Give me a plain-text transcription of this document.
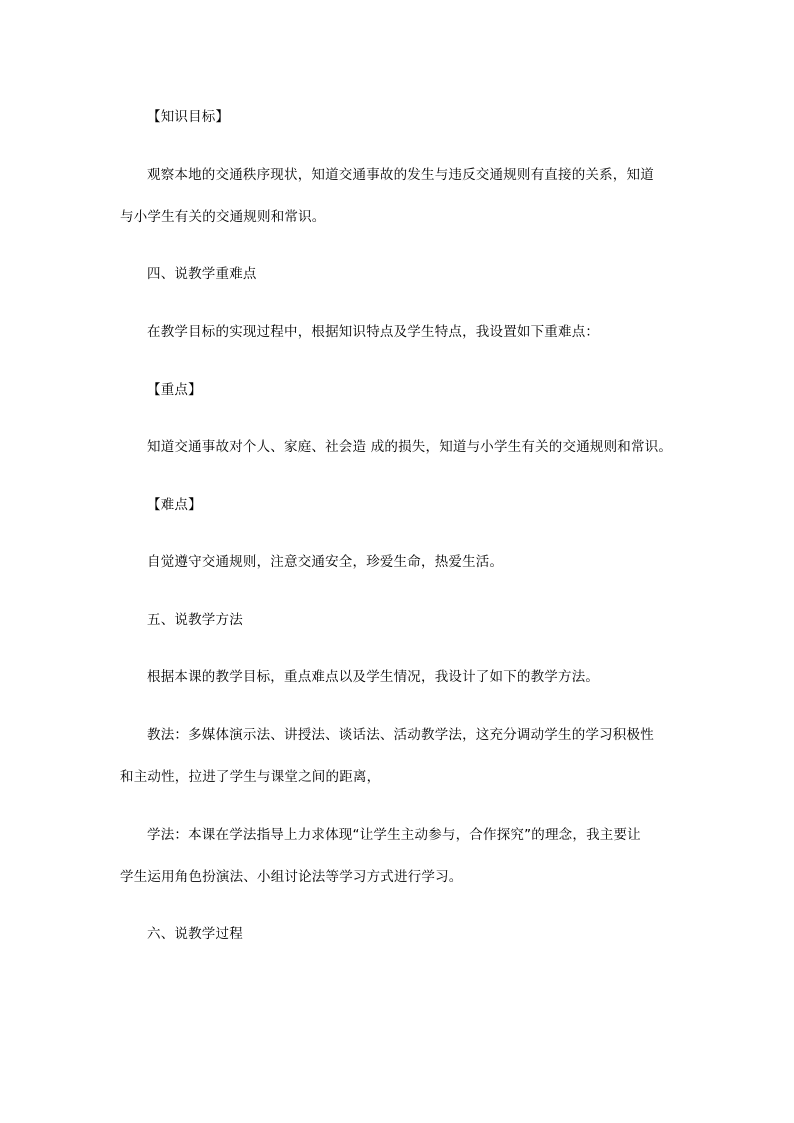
【知识目标】
观察本地的交通秩序现状，知道交通事故的发生与违反交通规则有直接的关系，知道
与小学生有关的交通规则和常识。
四、说教学重难点
在教学目标的实现过程中，根据知识特点及学生特点，我设置如下重难点：
【重点】
知道交通事故对个人、家庭、社会造 成的损失，知道与小学生有关的交通规则和常识。
【难点】
自觉遵守交通规则，注意交通安全，珍爱生命，热爱生活。
五、说教学方法
根据本课的教学目标，重点难点以及学生情况，我设计了如下的教学方法。
教法：多媒体演示法、讲授法、谈话法、活动教学法，这充分调动学生的学习积极性
和主动性，拉进了学生与课堂之间的距离，
学法：本课在学法指导上力求体现“让学生主动参与，合作探究”的理念，我主要让
学生运用角色扮演法、小组讨论法等学习方式进行学习。
六、说教学过程
